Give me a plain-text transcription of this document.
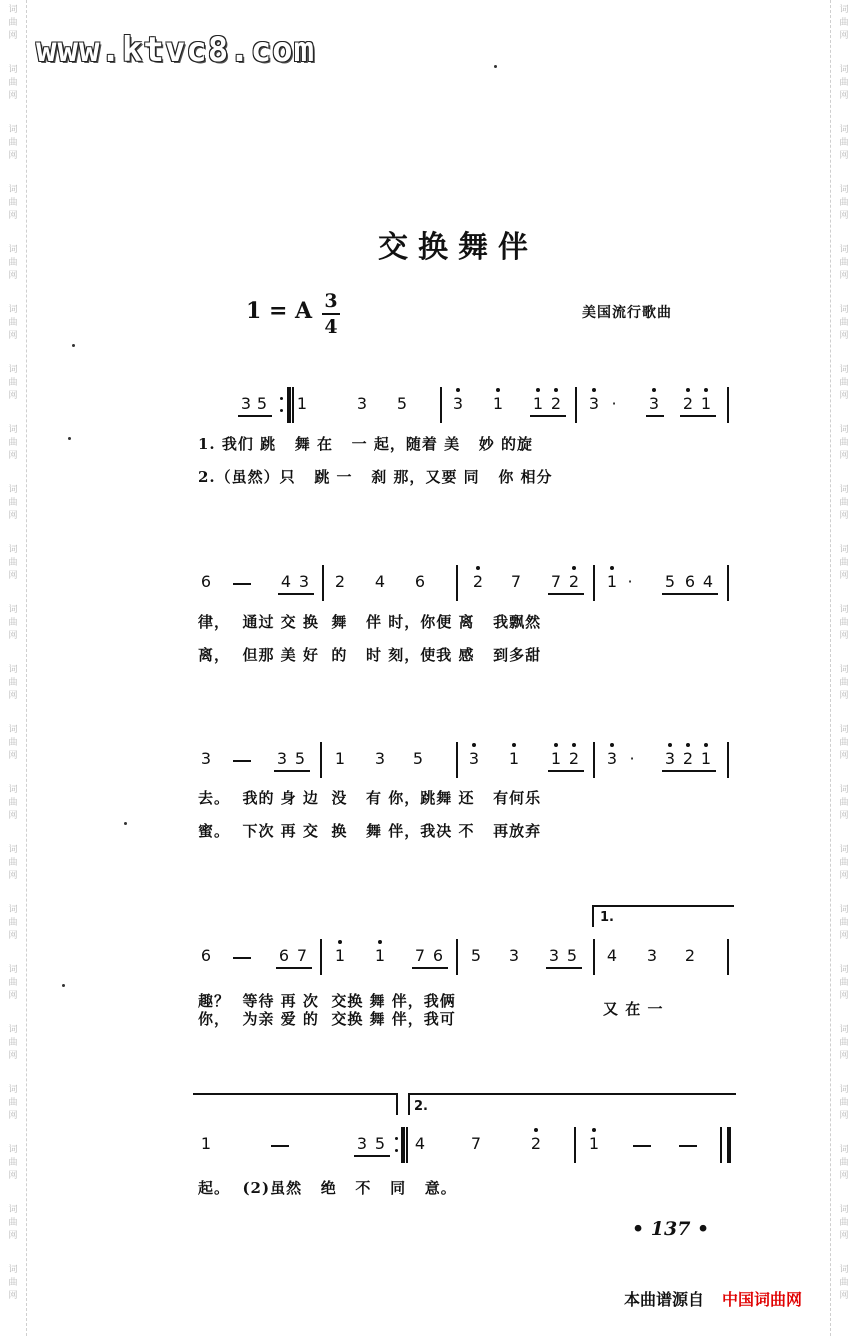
词
曲
网
词
曲
网
词
曲
网
词
曲
网
词
曲
网
词
曲
网
词
曲
网
词
曲
网
词
曲
网
词
曲
网
词
曲
网
词
曲
网
词
曲
网
词
曲
网
词
曲
网
词
曲
网
词
曲
网
词
曲
网
词
曲
网
词
曲
网
词
曲
网
词
曲
网
词
曲
网
词
曲
网
词
曲
网
词
曲
网
词
曲
网
词
曲
网
词
曲
网
词
曲
网
词
曲
网
词
曲
网
词
曲
网
词
曲
网
词
曲
网
词
曲
网
词
曲
网
词
曲
网
词
曲
网
词
曲
网
词
曲
网
词
曲
网
词
曲
网
词
曲
网
www.ktvc8.com
交换舞伴
1 = A 3
4
美国流行歌曲
3 5 1	3 5	3 1 1 2 3 · 3 2 1
6	4 3 2 4 6	2 7 7 2 1 · 5 6 4
3	3 5 1 3 5	3 1 1 2 3 · 3 2 1
6	6 7 1 1 7 6 5 3 3 5 4 3 2
1	3 5 4	7	2	1
1. 我们 跳   舞 在   一 起，随着 美   妙 的旋
2.（虽然）只   跳 一   刹 那，又要 同   你 相分
律，  通过 交 换  舞   伴 时，你便 离   我飘然
离，  但那 美 好  的   时 刻，使我 感   到多甜
去。  我的 身 边  没   有 你，跳舞 还   有何乐
蜜。  下次 再 交  换   舞 伴，我决 不   再放弃
趣？  等待 再 次  交换 舞 伴，我俩
你，  为亲 爱 的  交换 舞 伴，我可
又 在 一
起。  (2)虽然   绝   不   同   意。
1.
2.
• 137 •
本曲谱源自 中国词曲网
